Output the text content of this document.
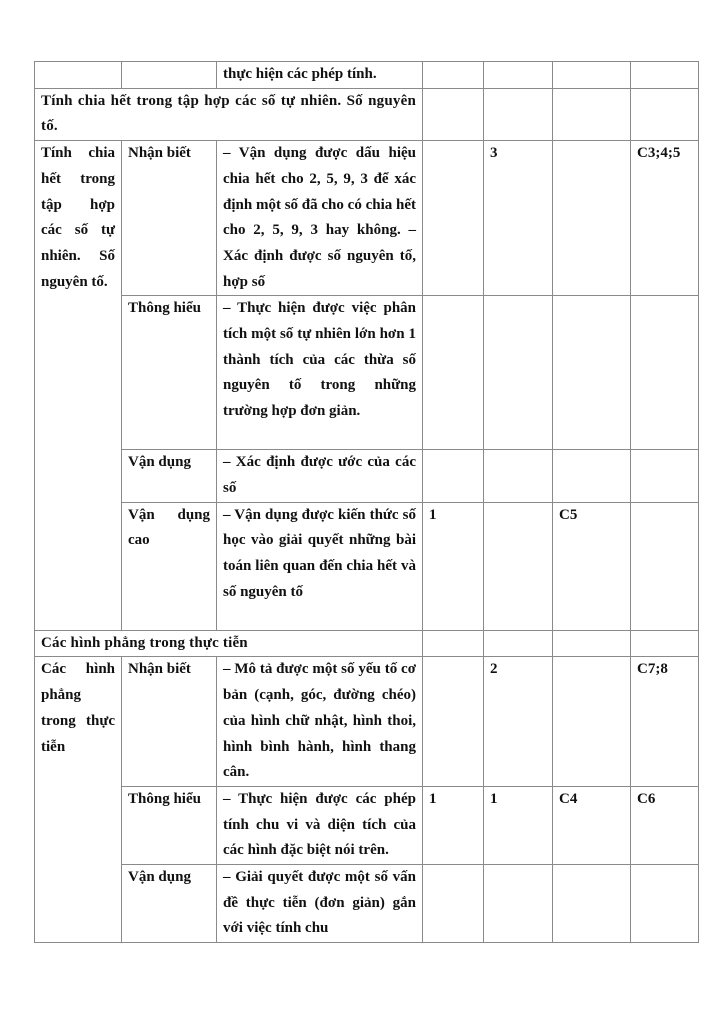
		thực hiện các phép tính.				
Tính chia hết trong tập hợp các số tự nhiên. Số nguyên tố.						
Tính chia hết trong tập hợp các số tự nhiên. Số nguyên tố.	Nhận biết	– Vận dụng được dấu hiệu chia hết cho 2, 5, 9, 3 để xác định một số đã cho có chia hết cho 2, 5, 9, 3 hay không. – Xác định được số nguyên tố, hợp số		3		C3;4;5
	Thông hiểu	– Thực hiện được việc phân tích một số tự nhiên lớn hơn 1 thành tích của các thừa số nguyên tố trong những trường hợp đơn giản.				
	Vận dụng	– Xác định được ước của các số				
	Vận dụng cao	– Vận dụng được kiến thức số học vào giải quyết những bài toán liên quan đến chia hết và số nguyên tố	1		C5	
Các hình phẳng trong thực tiễn						
Các hình phẳng trong thực tiễn	Nhận biết	– Mô tả được một số yếu tố cơ bản (cạnh, góc, đường chéo) của hình chữ nhật, hình thoi, hình bình hành, hình thang cân.		2		C7;8
	Thông hiểu	– Thực hiện được các phép tính chu vi và diện tích của các hình đặc biệt nói trên.	1	1	C4	C6
	Vận dụng	– Giải quyết được một số vấn đề thực tiễn (đơn giản) gắn với việc tính chu				
